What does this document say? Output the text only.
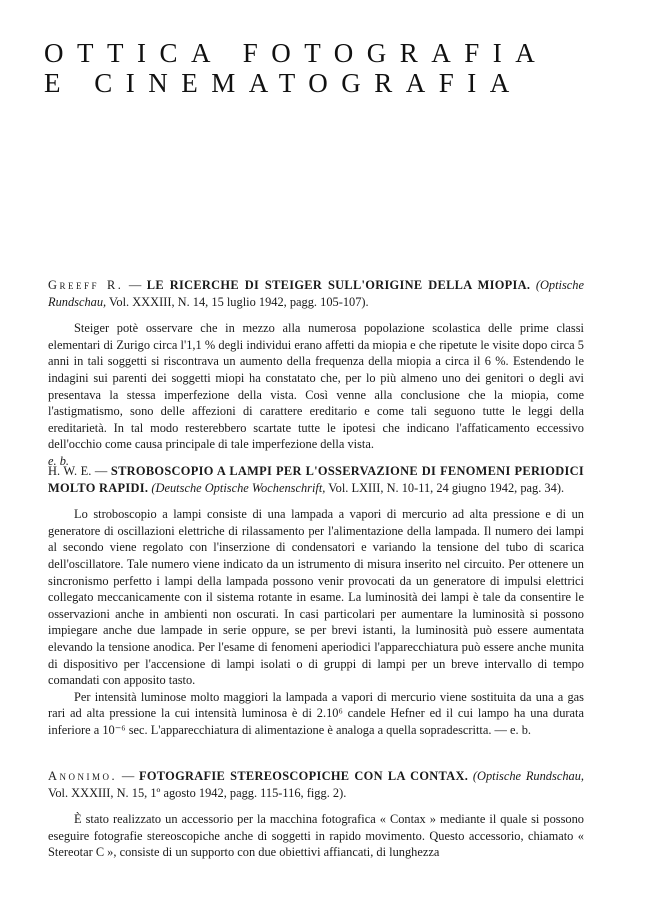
OTTICA FOTOGRAFIA
E CINEMATOGRAFIA

Greeff R. — LE RICERCHE DI STEIGER SULL'ORIGINE DELLA MIOPIA. (Optische Rundschau, Vol. XXXIII, N. 14, 15 luglio 1942, pagg. 105-107).

Steiger potè osservare che in mezzo alla numerosa popolazione scolastica delle prime classi elementari di Zurigo circa l'1,1 % degli individui erano affetti da miopia e che ripetute le visite dopo circa 5 anni in tali soggetti si riscontrava un aumento della frequenza della miopia a circa il 6 %. Estendendo le indagini sui parenti dei soggetti miopi ha constatato che, per lo più almeno uno dei genitori o degli avi presentava la stessa imperfezione della vista. Così venne alla conclusione che la miopia, come l'astigmatismo, sono delle affezioni di carattere ereditario e come tali seguono tutte le leggi della ereditarietà. In tal modo resterebbero scartate tutte le ipotesi che indicano l'affaticamento eccessivo dell'occhio come causa principale di tale imperfezione della vista.

e. b.

H. W. E. — STROBOSCOPIO A LAMPI PER L'OSSERVAZIONE DI FENOMENI PERIODICI MOLTO RAPIDI. (Deutsche Optische Wochenschrift, Vol. LXIII, N. 10-11, 24 giugno 1942, pag. 34).

Lo stroboscopio a lampi consiste di una lampada a vapori di mercurio ad alta pressione e di un generatore di oscillazioni elettriche di rilassamento per l'alimentazione della lampada. Il numero dei lampi al secondo viene regolato con l'inserzione di condensatori e variando la tensione del tubo di scarica dell'oscillatore. Tale numero viene indicato da un istrumento di misura inserito nel circuito. Per ottenere un sincronismo perfetto i lampi della lampada possono venir provocati da un generatore di impulsi elettrici collegato meccanicamente con il sistema rotante in esame. La luminosità dei lampi è tale da consentire le osservazioni anche in ambienti non oscurati. In casi particolari per aumentare la luminosità si possono impiegare anche due lampade in serie oppure, se per brevi istanti, la luminosità può essere aumentata elevando la tensione anodica. Per l'esame di fenomeni aperiodici l'apparecchiatura può essere anche munita di dispositivo per l'accensione di lampi isolati o di gruppi di lampi per un breve intervallo di tempo comandati con apposito tasto.

Per intensità luminose molto maggiori la lampada a vapori di mercurio viene sostituita da una a gas rari ad alta pressione la cui intensità luminosa è di 2.10⁶ candele Hefner ed il cui lampo ha una durata inferiore a 10⁻⁶ sec. L'apparecchiatura di alimentazione è analoga a quella sopradescritta. — e. b.

Anonimo. — FOTOGRAFIE STEREOSCOPICHE CON LA CONTAX. (Optische Rundschau, Vol. XXXIII, N. 15, 1º agosto 1942, pagg. 115-116, figg. 2).

È stato realizzato un accessorio per la macchina fotografica « Contax » mediante il quale si possono eseguire fotografie stereoscopiche anche di soggetti in rapido movimento. Questo accessorio, chiamato « Stereotar C », consiste di un supporto con due obiettivi affiancati, di lunghezza
